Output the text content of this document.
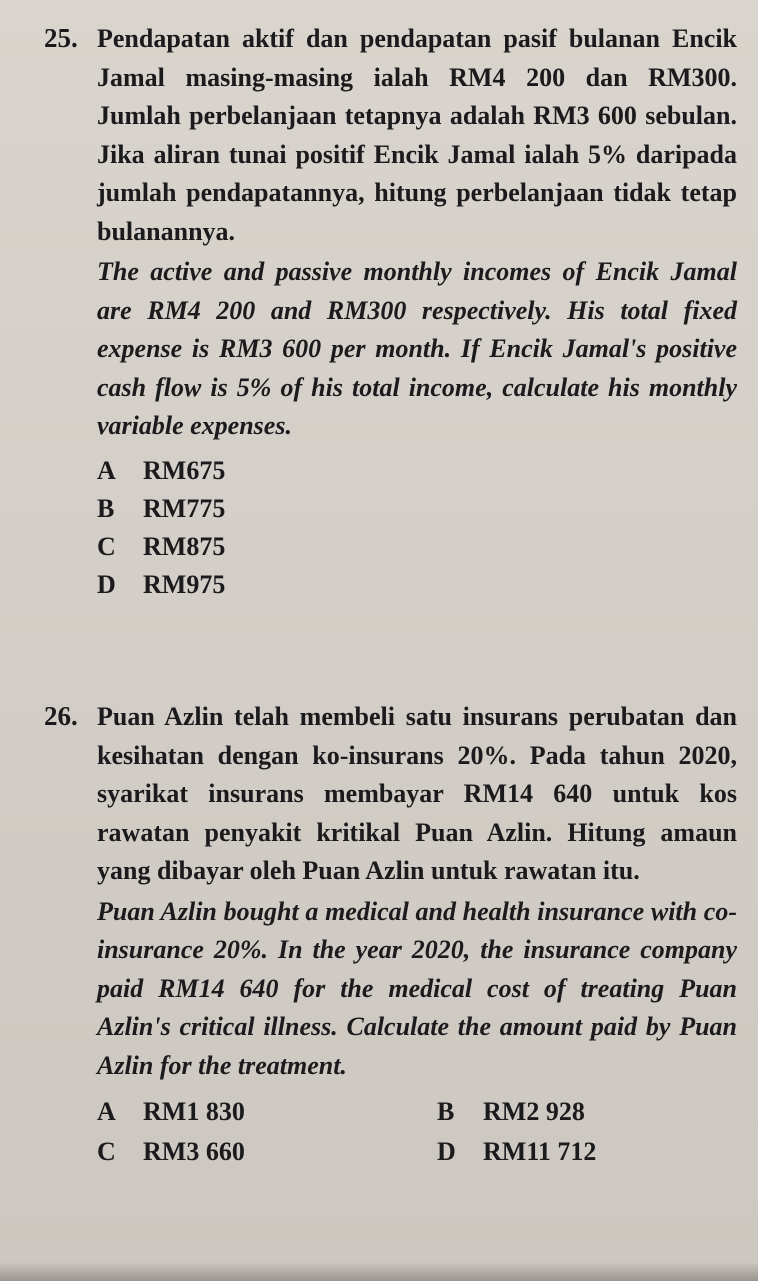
25. Pendapatan aktif dan pendapatan pasif bulanan Encik Jamal masing-masing ialah RM4 200 dan RM300. Jumlah perbelanjaan tetapnya adalah RM3 600 sebulan. Jika aliran tunai positif Encik Jamal ialah 5% daripada jumlah pendapatannya, hitung perbelanjaan tidak tetap bulanannya.

The active and passive monthly incomes of Encik Jamal are RM4 200 and RM300 respectively. His total fixed expense is RM3 600 per month. If Encik Jamal's positive cash flow is 5% of his total income, calculate his monthly variable expenses.

A	RM675
B	RM775
C	RM875
D	RM975
26. Puan Azlin telah membeli satu insurans perubatan dan kesihatan dengan ko-insurans 20%. Pada tahun 2020, syarikat insurans membayar RM14 640 untuk kos rawatan penyakit kritikal Puan Azlin. Hitung amaun yang dibayar oleh Puan Azlin untuk rawatan itu.

Puan Azlin bought a medical and health insurance with co-insurance 20%. In the year 2020, the insurance company paid RM14 640 for the medical cost of treating Puan Azlin's critical illness. Calculate the amount paid by Puan Azlin for the treatment.

A	RM1 830	B	RM2 928
C	RM3 660	D	RM11 712
